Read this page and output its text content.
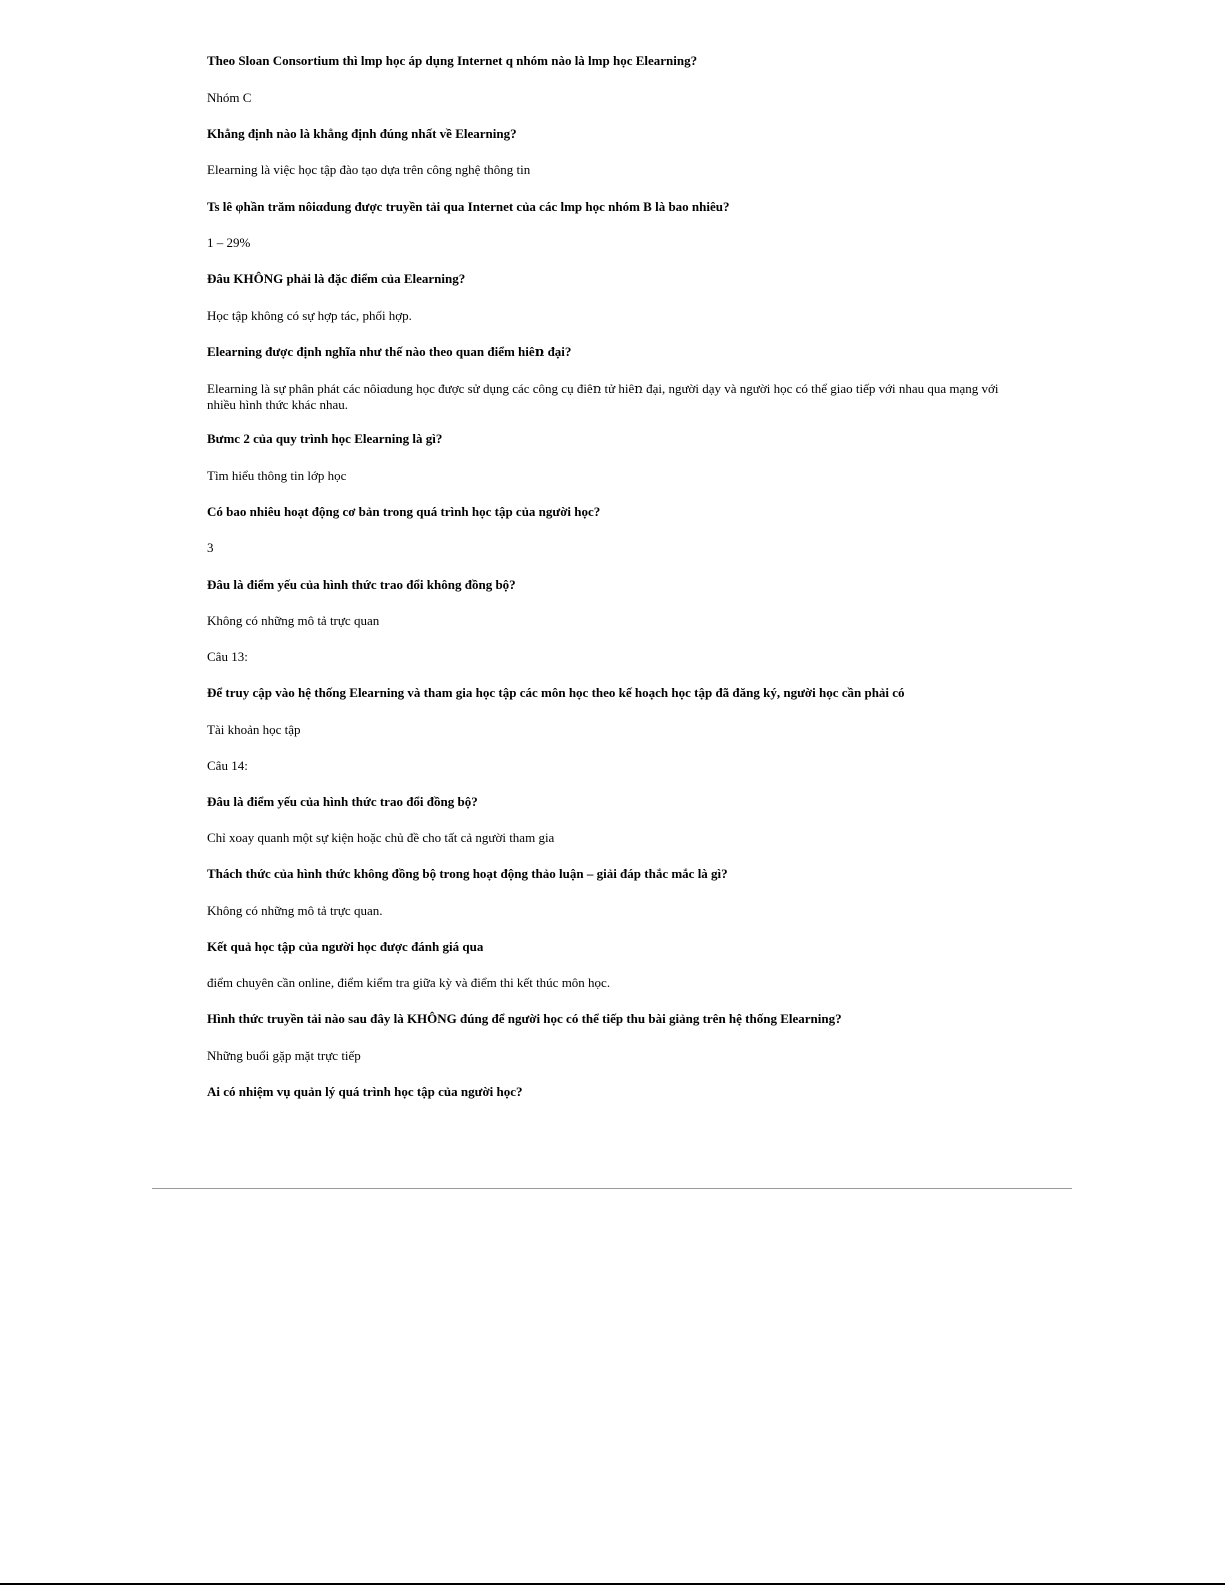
Theo Sloan Consortium thì lmp học áp dụng Internet q nhóm nào là lmp học Elearning?
Nhóm C
Khẳng định nào là khẳng định đúng nhất về Elearning?
Elearning là việc học tập đào tạo dựa trên công nghệ thông tin
Ts lê φhần trăm nôiαdung được truyền tải qua Internet của các lmp học nhóm B là bao nhiêu?
1 – 29%
Đâu KHÔNG phải là đặc điểm của Elearning?
Học tập không có sự hợp tác, phối hợp.
Elearning được định nghĩa như thế nào theo quan điểm hiêռ đại?
Elearning là sự phân phát các nôiαdung học được sử dụng các công cụ điêռ tử hiêռ đại, người dạy và người học có thể giao tiếp với nhau qua mạng với nhiều hình thức khác nhau.
Bưmc 2 của quy trình học Elearning là gì?
Tìm hiểu thông tin lớp học
Có bao nhiêu hoạt động cơ bản trong quá trình học tập của người học?
3
Đâu là điểm yếu của hình thức trao đổi không đồng bộ?
Không có những mô tả trực quan
Câu 13:
Để truy cập vào hệ thống Elearning và tham gia học tập các môn học theo kế hoạch học tập đã đăng ký, người học cần phải có
Tài khoản học tập
Câu 14:
Đâu là điểm yếu của hình thức trao đổi đồng bộ?
Chỉ xoay quanh một sự kiện hoặc chủ đề cho tất cả người tham gia
Thách thức của hình thức không đồng bộ trong hoạt động thảo luận – giải đáp thắc mắc là gì?
Không có những mô tả trực quan.
Kết quả học tập của người học được đánh giá qua
điểm chuyên cần online, điểm kiểm tra giữa kỳ và điểm thi kết thúc môn học.
Hình thức truyền tải nào sau đây là KHÔNG đúng để người học có thể tiếp thu bài giảng trên hệ thống Elearning?
Những buổi gặp mặt trực tiếp
Ai có nhiệm vụ quản lý quá trình học tập của người học?
